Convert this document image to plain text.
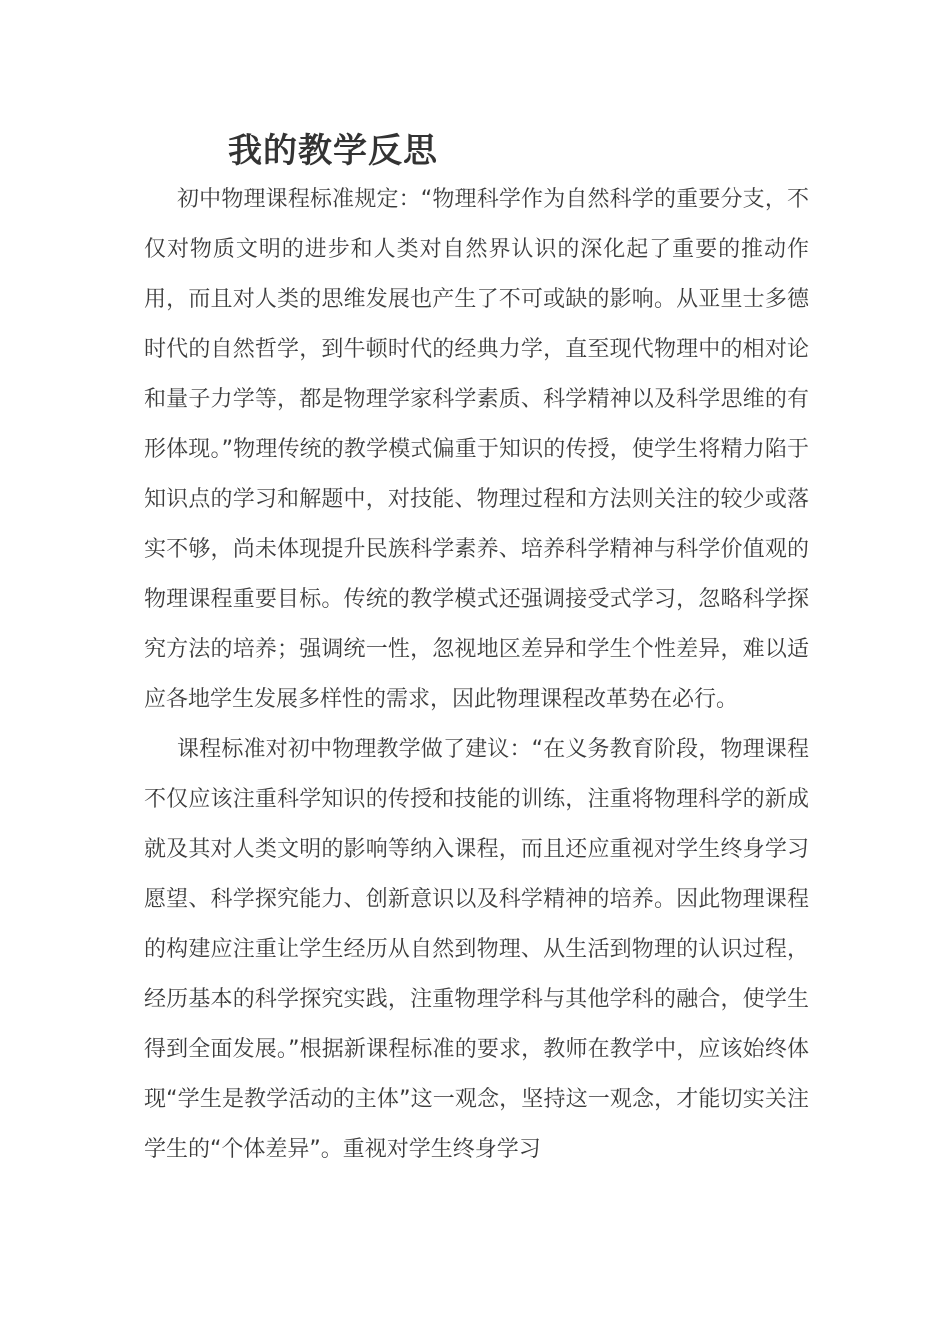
我的教学反思

初中物理课程标准规定：“物理科学作为自然科学的重要分支，不仅对物质文明的进步和人类对自然界认识的深化起了重要的推动作用，而且对人类的思维发展也产生了不可或缺的影响。从亚里士多德时代的自然哲学，到牛顿时代的经典力学，直至现代物理中的相对论和量子力学等，都是物理学家科学素质、科学精神以及科学思维的有形体现。”物理传统的教学模式偏重于知识的传授，使学生将精力陷于知识点的学习和解题中，对技能、物理过程和方法则关注的较少或落实不够，尚未体现提升民族科学素养、培养科学精神与科学价值观的物理课程重要目标。传统的教学模式还强调接受式学习，忽略科学探究方法的培养；强调统一性，忽视地区差异和学生个性差异，难以适应各地学生发展多样性的需求，因此物理课程改革势在必行。

课程标准对初中物理教学做了建议：“在义务教育阶段，物理课程不仅应该注重科学知识的传授和技能的训练，注重将物理科学的新成就及其对人类文明的影响等纳入课程，而且还应重视对学生终身学习愿望、科学探究能力、创新意识以及科学精神的培养。因此物理课程的构建应注重让学生经历从自然到物理、从生活到物理的认识过程，经历基本的科学探究实践，注重物理学科与其他学科的融合，使学生得到全面发展。”根据新课程标准的要求，教师在教学中，应该始终体现“学生是教学活动的主体”这一观念，坚持这一观念，才能切实关注学生的“个体差异”。重视对学生终身学习
